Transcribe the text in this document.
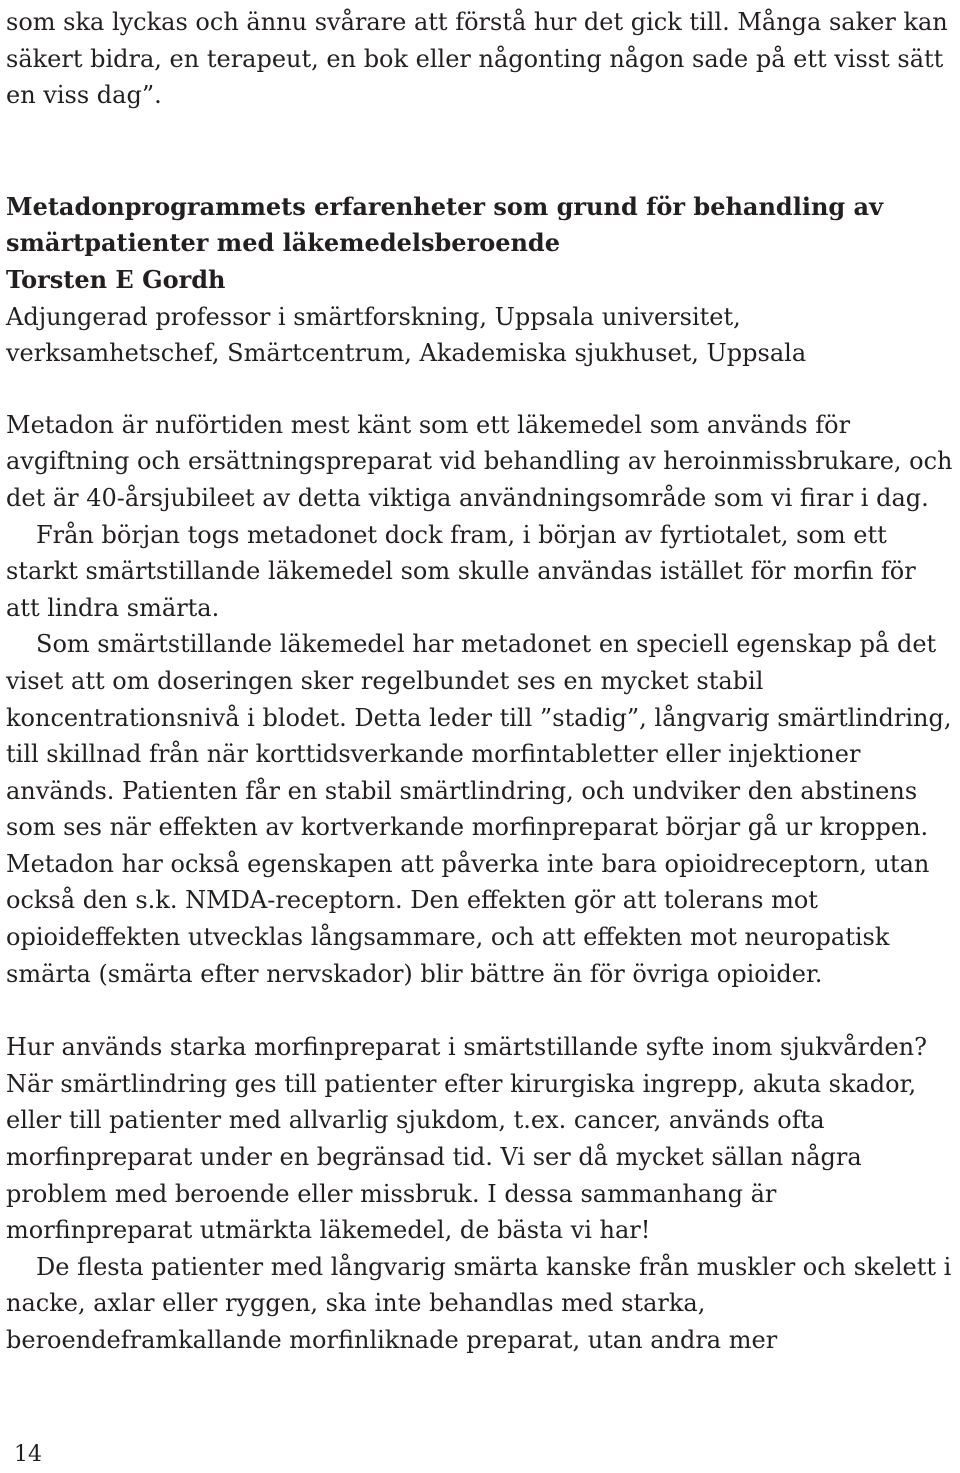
som ska lyckas och ännu svårare att förstå hur det gick till. Många saker kan säkert bidra, en terapeut, en bok eller någonting någon sade på ett visst sätt en viss dag”.

Metadonprogrammets erfarenheter som grund för behandling av smärtpatienter med läkemedelsberoende

Torsten E Gordh

Adjungerad professor i smärtforskning, Uppsala universitet, verksamhetschef, Smärtcentrum, Akademiska sjukhuset, Uppsala

Metadon är nuförtiden mest känt som ett läkemedel som används för avgiftning och ersättningspreparat vid behandling av heroinmissbrukare, och det är 40-årsjubileet av detta viktiga användningsområde som vi firar i dag.

Från början togs metadonet dock fram, i början av fyrtiotalet, som ett starkt smärtstillande läkemedel som skulle användas istället för morfin för att lindra smärta.

Som smärtstillande läkemedel har metadonet en speciell egenskap på det viset att om doseringen sker regelbundet ses en mycket stabil koncentrationsnivå i blodet. Detta leder till ”stadig”, långvarig smärtlindring, till skillnad från när korttidsverkande morfintabletter eller injektioner används. Patienten får en stabil smärtlindring, och undviker den abstinens som ses när effekten av kortverkande morfinpreparat börjar gå ur kroppen. Metadon har också egenskapen att påverka inte bara opioidreceptorn, utan också den s.k. NMDA-receptorn. Den effekten gör att tolerans mot opioideffekten utvecklas långsammare, och att effekten mot neuropatisk smärta (smärta efter nervskador) blir bättre än för övriga opioider.

Hur används starka morfinpreparat i smärtstillande syfte inom sjukvården? När smärtlindring ges till patienter efter kirurgiska ingrepp, akuta skador, eller till patienter med allvarlig sjukdom, t.ex. cancer, används ofta morfinpreparat under en begränsad tid. Vi ser då mycket sällan några problem med beroende eller missbruk. I dessa sammanhang är morfinpreparat utmärkta läkemedel, de bästa vi har!

De flesta patienter med långvarig smärta kanske från muskler och skelett i nacke, axlar eller ryggen, ska inte behandlas med starka, beroendeframkallande morfinliknade preparat, utan andra mer

14
